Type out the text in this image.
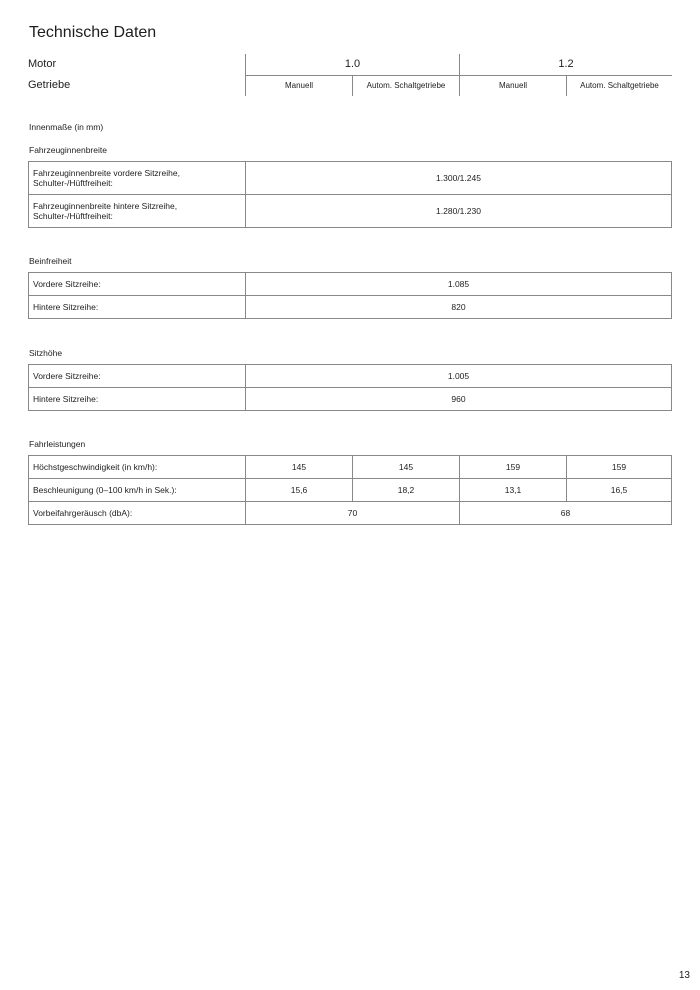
Technische Daten
Motor	1.0	1.2
Getriebe	Manuell	Autom. Schaltgetriebe	Manuell	Autom. Schaltgetriebe
Innenmaße (in mm)
Fahrzeuginnenbreite
Fahrzeuginnenbreite vordere Sitzreihe,
Schulter-/Hüftfreiheit:	1.300/1.245

Fahrzeuginnenbreite hintere Sitzreihe,
Schulter-/Hüftfreiheit:	1.280/1.230
Beinfreiheit
Vordere Sitzreihe:	1.085
Hintere Sitzreihe:	820
Sitzhöhe
Vordere Sitzreihe:	1.005
Hintere Sitzreihe:	960
Fahrleistungen
Höchstgeschwindigkeit (in km/h):	145	145	159	159
Beschleunigung (0–100 km/h in Sek.):	15,6	18,2	13,1	16,5
Vorbeifahrgeräusch (dbA):	70		68	
13
